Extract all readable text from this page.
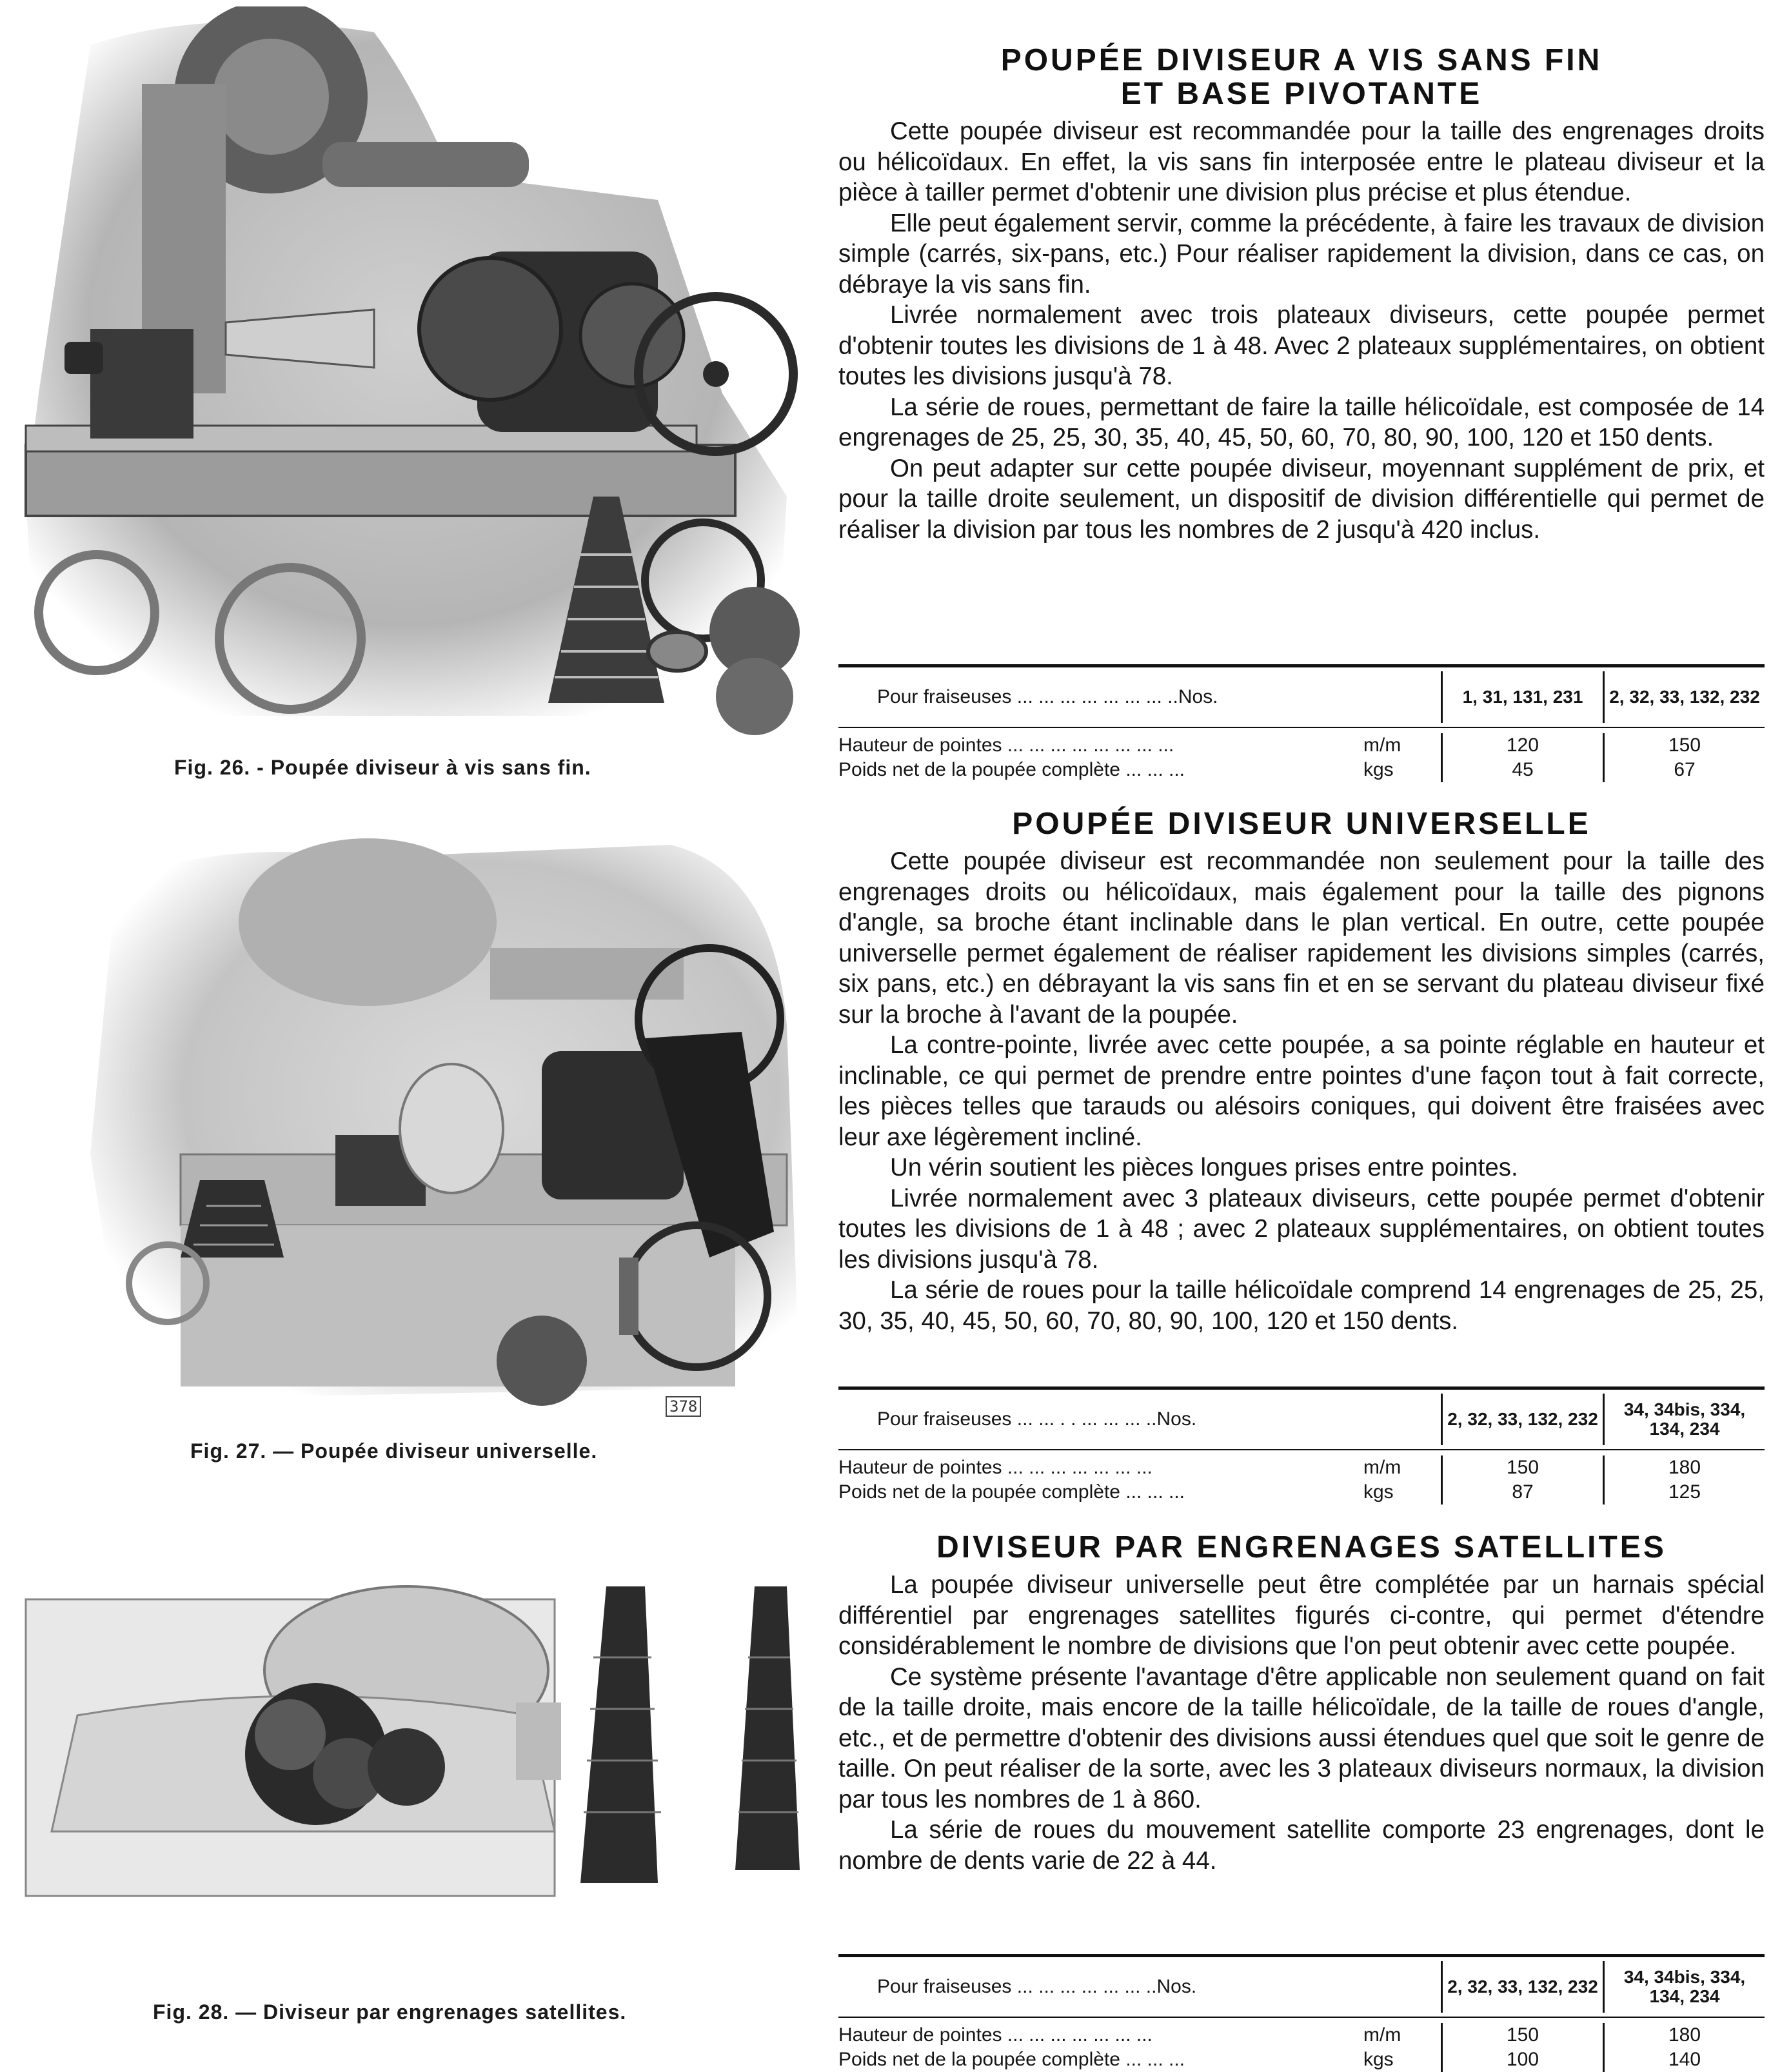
Fig. 26. - Poupée diviseur à vis sans fin.
378
Fig. 27. — Poupée diviseur universelle.
Fig. 28. — Diviseur par engrenages satellites.
POUPÉE DIVISEUR A VIS SANS FIN
ET BASE PIVOTANTE

Cette poupée diviseur est recommandée pour la taille des engrenages droits ou hélicoïdaux. En effet, la vis sans fin interposée entre le plateau diviseur et la pièce à tailler permet d'obtenir une division plus précise et plus étendue.

Elle peut également servir, comme la précédente, à faire les travaux de division simple (carrés, six-pans, etc.) Pour réaliser rapidement la division, dans ce cas, on débraye la vis sans fin.

Livrée normalement avec trois plateaux diviseurs, cette poupée permet d'obtenir toutes les divisions de 1 à 48. Avec 2 plateaux supplémentaires, on obtient toutes les divisions jusqu'à 78.

La série de roues, permettant de faire la taille hélicoïdale, est composée de 14 engrenages de 25, 25, 30, 35, 40, 45, 50, 60, 70, 80, 90, 100, 120 et 150 dents.

On peut adapter sur cette poupée diviseur, moyennant supplément de prix, et pour la taille droite seulement, un dispositif de division différentielle qui permet de réaliser la division par tous les nombres de 2 jusqu'à 420 inclus.

Pour fraiseuses ... ... ... ... ... ... ... ..Nos.	1, 31, 131, 231	2, 32, 33, 132, 232
Hauteur de pointes ... ... ... ... ... ... ... ...	m/m	120	150
Poids net de la poupée complète ... ... ...	kgs	45	67
POUPÉE DIVISEUR UNIVERSELLE

Cette poupée diviseur est recommandée non seulement pour la taille des engrenages droits ou hélicoïdaux, mais également pour la taille des pignons d'angle, sa broche étant inclinable dans le plan vertical. En outre, cette poupée universelle permet également de réaliser rapidement les divisions simples (carrés, six pans, etc.) en débrayant la vis sans fin et en se servant du plateau diviseur fixé sur la broche à l'avant de la poupée.

La contre-pointe, livrée avec cette poupée, a sa pointe réglable en hauteur et inclinable, ce qui permet de prendre entre pointes d'une façon tout à fait correcte, les pièces telles que tarauds ou alésoirs coniques, qui doivent être fraisées avec leur axe légèrement incliné.

Un vérin soutient les pièces longues prises entre pointes.

Livrée normalement avec 3 plateaux diviseurs, cette poupée permet d'obtenir toutes les divisions de 1 à 48 ; avec 2 plateaux supplémentaires, on obtient toutes les divisions jusqu'à 78.

La série de roues pour la taille hélicoïdale comprend 14 engrenages de 25, 25, 30, 35, 40, 45, 50, 60, 70, 80, 90, 100, 120 et 150 dents.

Pour fraiseuses ... ... . . ... ... ... ..Nos.	2, 32, 33, 132, 232	34, 34bis, 334, 134, 234
Hauteur de pointes ... ... ... ... ... ... ...	m/m	150	180
Poids net de la poupée complète ... ... ...	kgs	87	125
DIVISEUR PAR ENGRENAGES SATELLITES

La poupée diviseur universelle peut être complétée par un harnais spécial différentiel par engrenages satellites figurés ci-contre, qui permet d'étendre considérablement le nombre de divisions que l'on peut obtenir avec cette poupée.

Ce système présente l'avantage d'être applicable non seulement quand on fait de la taille droite, mais encore de la taille hélicoïdale, de la taille de roues d'angle, etc., et de permettre d'obtenir des divisions aussi étendues quel que soit le genre de taille. On peut réaliser de la sorte, avec les 3 plateaux diviseurs normaux, la division par tous les nombres de 1 à 860.

La série de roues du mouvement satellite comporte 23 engrenages, dont le nombre de dents varie de 22 à 44.

Pour fraiseuses ... ... ... ... ... ... ..Nos.	2, 32, 33, 132, 232	34, 34bis, 334, 134, 234
Hauteur de pointes ... ... ... ... ... ... ...	m/m	150	180
Poids net de la poupée complète ... ... ...	kgs	100	140
